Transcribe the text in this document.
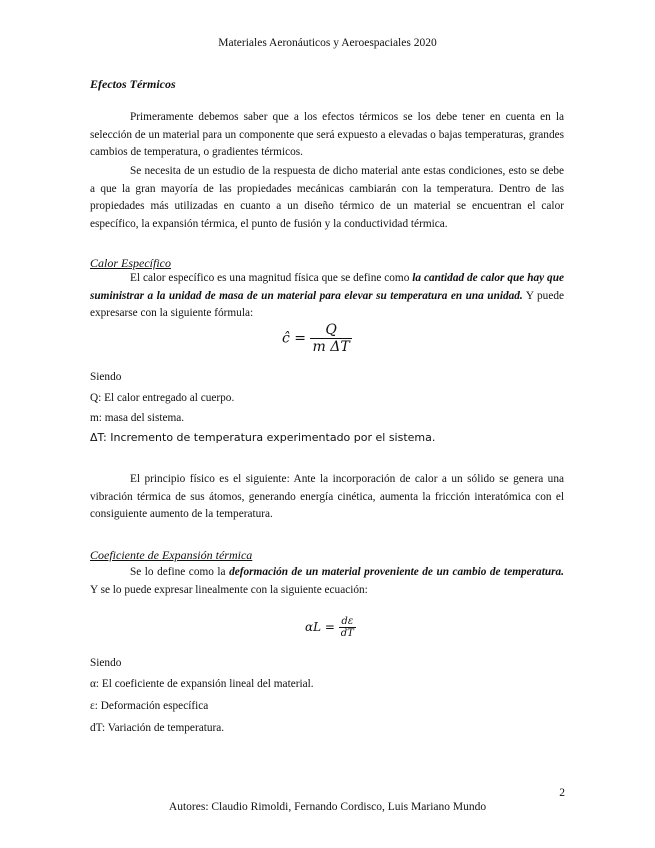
Materiales Aeronáuticos y Aeroespaciales 2020
Efectos Térmicos
Primeramente debemos saber que a los efectos térmicos se los debe tener en cuenta en la selección de un material para un componente que será expuesto a elevadas o bajas temperaturas, grandes cambios de temperatura, o gradientes térmicos.
Se necesita de un estudio de la respuesta de dicho material ante estas condiciones, esto se debe a que la gran mayoría de las propiedades mecánicas cambiarán con la temperatura. Dentro de las propiedades más utilizadas en cuanto a un diseño térmico de un material se encuentran el calor específico, la expansión térmica, el punto de fusión y la conductividad térmica.
Calor Específico
El calor específico es una magnitud física que se define como la cantidad de calor que hay que suministrar a la unidad de masa de un material para elevar su temperatura en una unidad. Y puede expresarse con la siguiente fórmula:
ĉ = $\frac{Q}{\text{m ΔT}}$
Siendo
Q: El calor entregado al cuerpo.
m: masa del sistema.
ΔT: Incremento de temperatura experimentado por el sistema.
El principio físico es el siguiente: Ante la incorporación de calor a un sólido se genera una vibración térmica de sus átomos, generando energía cinética, aumenta la fricción interatómica con el consiguiente aumento de la temperatura.
Coeficiente de Expansión térmica
Se lo define como la deformación de un material proveniente de un cambio de temperatura. Y se lo puede expresar linealmente con la siguiente ecuación:
$\alpha L = \frac{d\varepsilon}{dT}$
Siendo
α: El coeficiente de expansión lineal del material.
ε: Deformación específica
dT: Variación de temperatura.
2
Autores: Claudio Rimoldi, Fernando Cordisco, Luis Mariano Mundo
